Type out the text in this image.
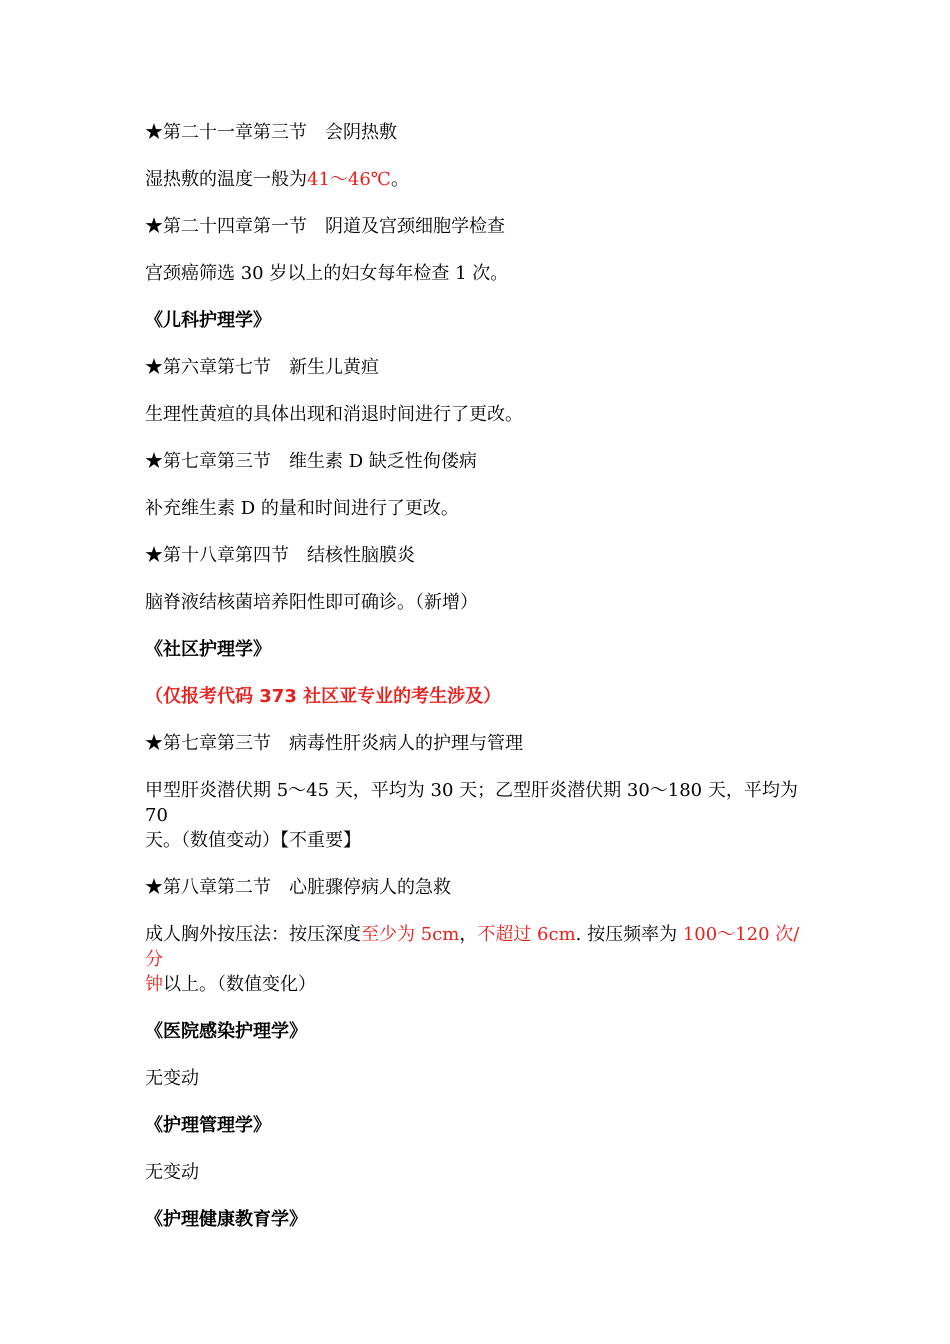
★第二十一章第三节　会阴热敷

湿热敷的温度一般为41～46℃。

★第二十四章第一节　阴道及宫颈细胞学检查

宫颈癌筛选 30 岁以上的妇女每年检查 1 次。

《儿科护理学》

★第六章第七节　新生儿黄疸

生理性黄疸的具体出现和消退时间进行了更改。

★第七章第三节　维生素 D 缺乏性佝偻病

补充维生素 D 的量和时间进行了更改。

★第十八章第四节　结核性脑膜炎

脑脊液结核菌培养阳性即可确诊。（新增）

《社区护理学》

（仅报考代码 373 社区亚专业的考生涉及）

★第七章第三节　病毒性肝炎病人的护理与管理

甲型肝炎潜伏期 5～45 天，平均为 30 天；乙型肝炎潜伏期 30～180 天，平均为 70
天。（数值变动）【不重要】

★第八章第二节　心脏骤停病人的急救

成人胸外按压法：按压深度至少为 5cm，不超过 6cm. 按压频率为 100～120 次/分
钟以上。（数值变化）

《医院感染护理学》

无变动

《护理管理学》

无变动

《护理健康教育学》
